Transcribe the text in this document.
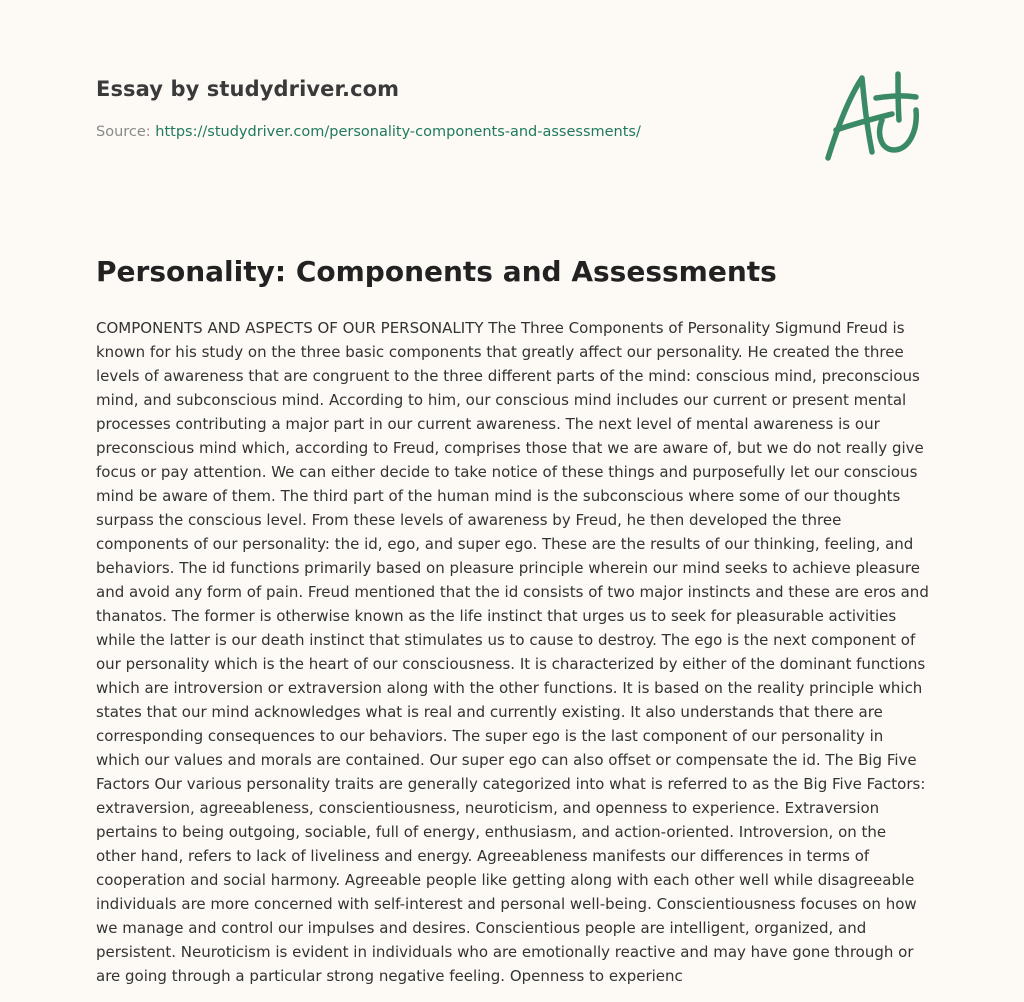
Essay by studydriver.com
Source: https://studydriver.com/personality-components-and-assessments/
Personality: Components and Assessments

COMPONENTS AND ASPECTS OF OUR PERSONALITY The Three Components of Personality Sigmund Freud is known for his study on the three basic components that greatly affect our personality. He created the three levels of awareness that are congruent to the three different parts of the mind: conscious mind, preconscious mind, and subconscious mind. According to him, our conscious mind includes our current or present mental processes contributing a major part in our current awareness. The next level of mental awareness is our preconscious mind which, according to Freud, comprises those that we are aware of, but we do not really give focus or pay attention. We can either decide to take notice of these things and purposefully let our conscious mind be aware of them. The third part of the human mind is the subconscious where some of our thoughts surpass the conscious level. From these levels of awareness by Freud, he then developed the three components of our personality: the id, ego, and super ego. These are the results of our thinking, feeling, and behaviors. The id functions primarily based on pleasure principle wherein our mind seeks to achieve pleasure and avoid any form of pain. Freud mentioned that the id consists of two major instincts and these are eros and thanatos. The former is otherwise known as the life instinct that urges us to seek for pleasurable activities while the latter is our death instinct that stimulates us to cause to destroy. The ego is the next component of our personality which is the heart of our consciousness. It is characterized by either of the dominant functions which are introversion or extraversion along with the other functions. It is based on the reality principle which states that our mind acknowledges what is real and currently existing. It also understands that there are corresponding consequences to our behaviors. The super ego is the last component of our personality in which our values and morals are contained. Our super ego can also offset or compensate the id. The Big Five Factors Our various personality traits are generally categorized into what is referred to as the Big Five Factors: extraversion, agreeableness, conscientiousness, neuroticism, and openness to experience. Extraversion pertains to being outgoing, sociable, full of energy, enthusiasm, and action-oriented. Introversion, on the other hand, refers to lack of liveliness and energy. Agreeableness manifests our differences in terms of cooperation and social harmony. Agreeable people like getting along with each other well while disagreeable individuals are more concerned with self-interest and personal well-being. Conscientiousness focuses on how we manage and control our impulses and desires. Conscientious people are intelligent, organized, and persistent. Neuroticism is evident in individuals who are emotionally reactive and may have gone through or are going through a particular strong negative feeling. Openness to experienc
